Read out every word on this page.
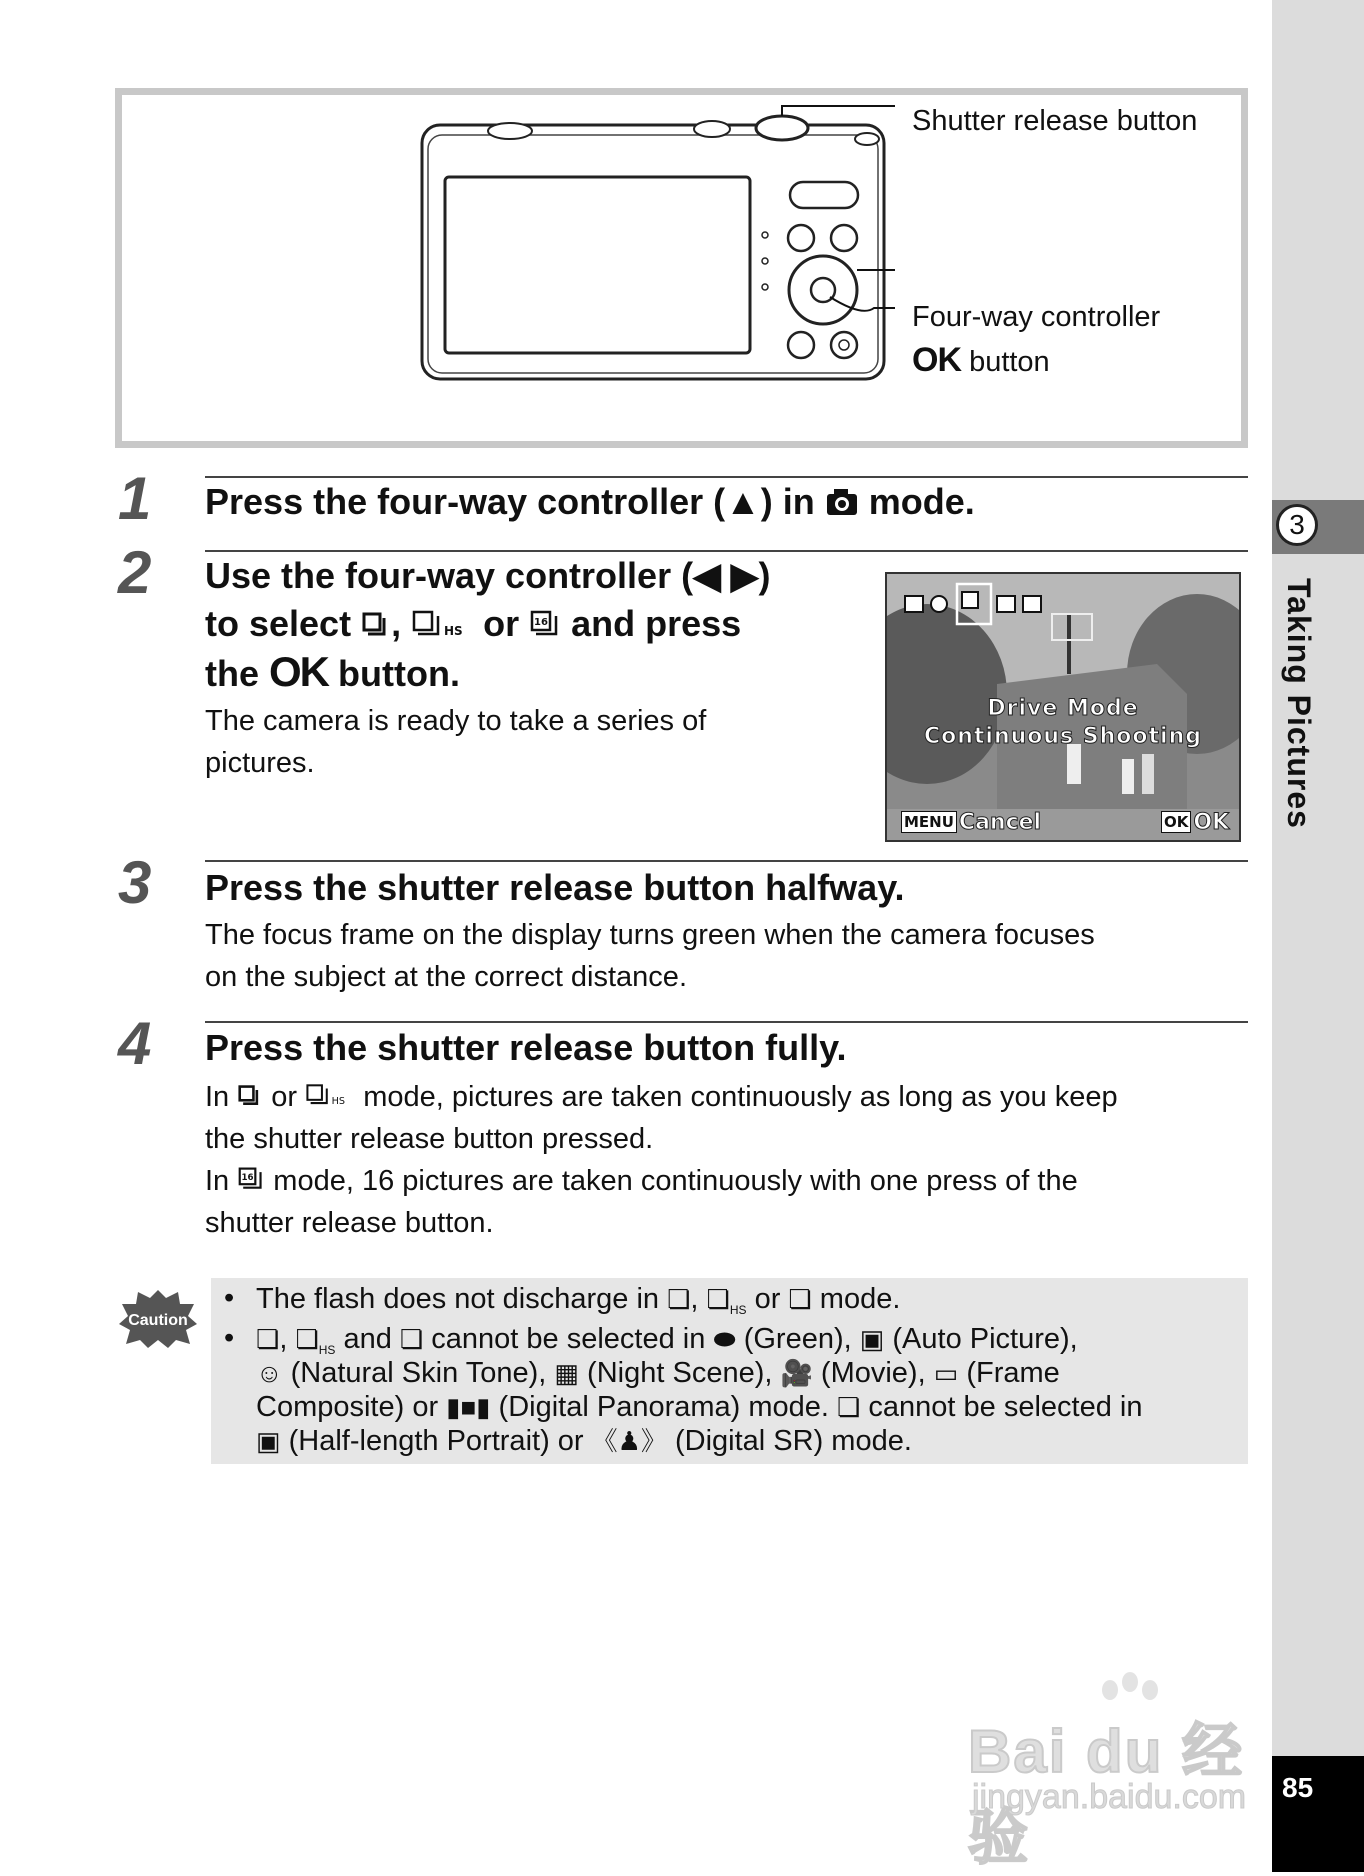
3
Taking Pictures
85
Shutter release button
Four-way controller
OK button
1 Press the four-way controller (▲) in  mode.
2 Use the four-way controller (◀ ▶)
to select ,	HS or 16 and press
the OK button.
The camera is ready to take a series of
pictures.
Drive Mode
Continuous Shooting
MENU Cancel	OK OK
3 Press the shutter release button halfway.
The focus frame on the display turns green when the camera focuses
on the subject at the correct distance.
4 Press the shutter release button fully.
In  or HS mode, pictures are taken continuously as long as you keep
the shutter release button pressed.
In 16 mode, 16 pictures are taken continuously with one press of the
shutter release button.
Caution
• The flash does not discharge in ❏, $❏_{HS}$ or ❏ mode.
• ❏, $❏_{HS}$ and ❏ cannot be selected in ⬬ (Green), ▣ (Auto Picture),
☺ (Natural Skin Tone), ▦ (Night Scene), 🎥 (Movie), ▭ (Frame
Composite) or ▮■▮ (Digital Panorama) mode. ❏ cannot be selected in
▣ (Half-length Portrait) or 《♟》 (Digital SR) mode.
Bai du 经验
jingyan.baidu.com
